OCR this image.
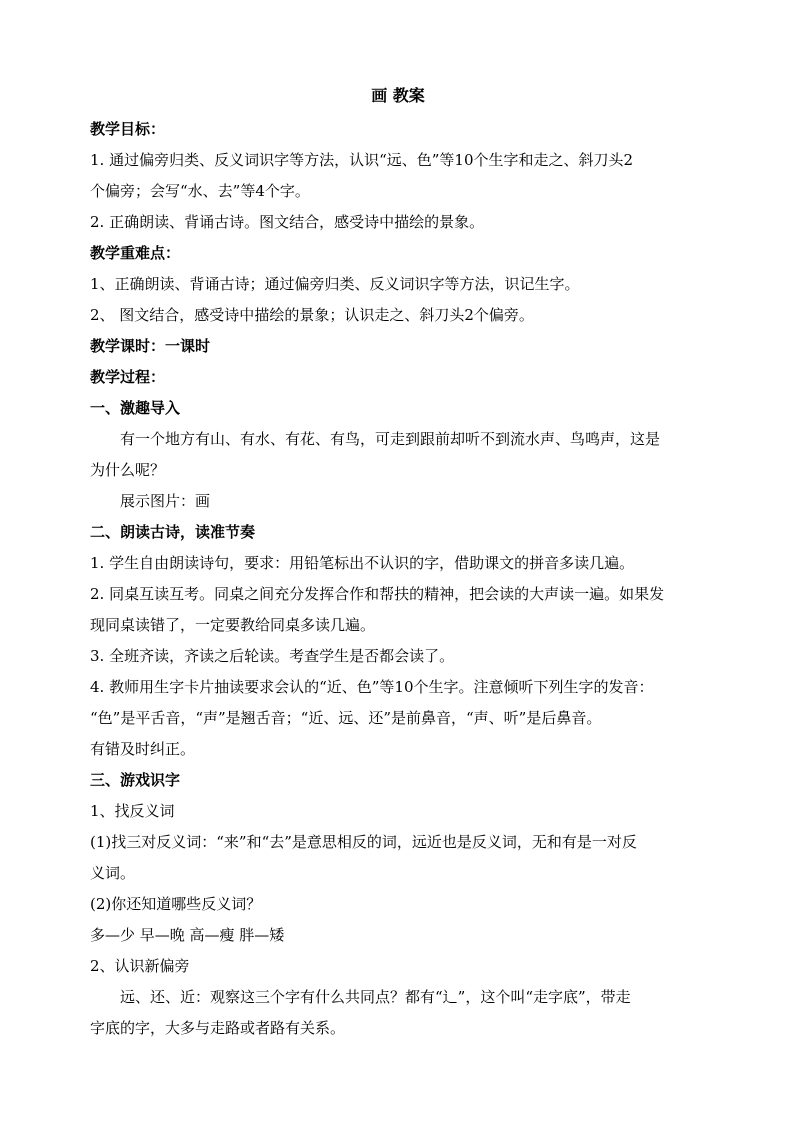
画 教案
教学目标：
1. 通过偏旁归类、反义词识字等方法，认识“远、色”等10个生字和走之、斜刀头2
个偏旁；会写“水、去”等4个字。
2. 正确朗读、背诵古诗。图文结合，感受诗中描绘的景象。
教学重难点：
1、正确朗读、背诵古诗；通过偏旁归类、反义词识字等方法，识记生字。
2、 图文结合，感受诗中描绘的景象；认识走之、斜刀头2个偏旁。
教学课时：一课时
教学过程：
一、激趣导入
有一个地方有山、有水、有花、有鸟，可走到跟前却听不到流水声、鸟鸣声，这是
为什么呢？
展示图片：画
二、朗读古诗，读准节奏
1. 学生自由朗读诗句，要求：用铅笔标出不认识的字，借助课文的拼音多读几遍。
2. 同桌互读互考。同桌之间充分发挥合作和帮扶的精神，把会读的大声读一遍。如果发
现同桌读错了，一定要教给同桌多读几遍。
3. 全班齐读，齐读之后轮读。考查学生是否都会读了。
4. 教师用生字卡片抽读要求会认的“近、色”等10个生字。注意倾听下列生字的发音：
“色”是平舌音，“声”是翘舌音；“近、远、还”是前鼻音，“声、听”是后鼻音。
有错及时纠正。
三、游戏识字
1、找反义词
(1)找三对反义词：“来”和“去”是意思相反的词，远近也是反义词，无和有是一对反
义词。
(2)你还知道哪些反义词？
多—少 早—晚 高—瘦 胖—矮
2、认识新偏旁
远、还、近：观察这三个字有什么共同点？都有“辶”，这个叫“走字底”，带走
字底的字，大多与走路或者路有关系。
